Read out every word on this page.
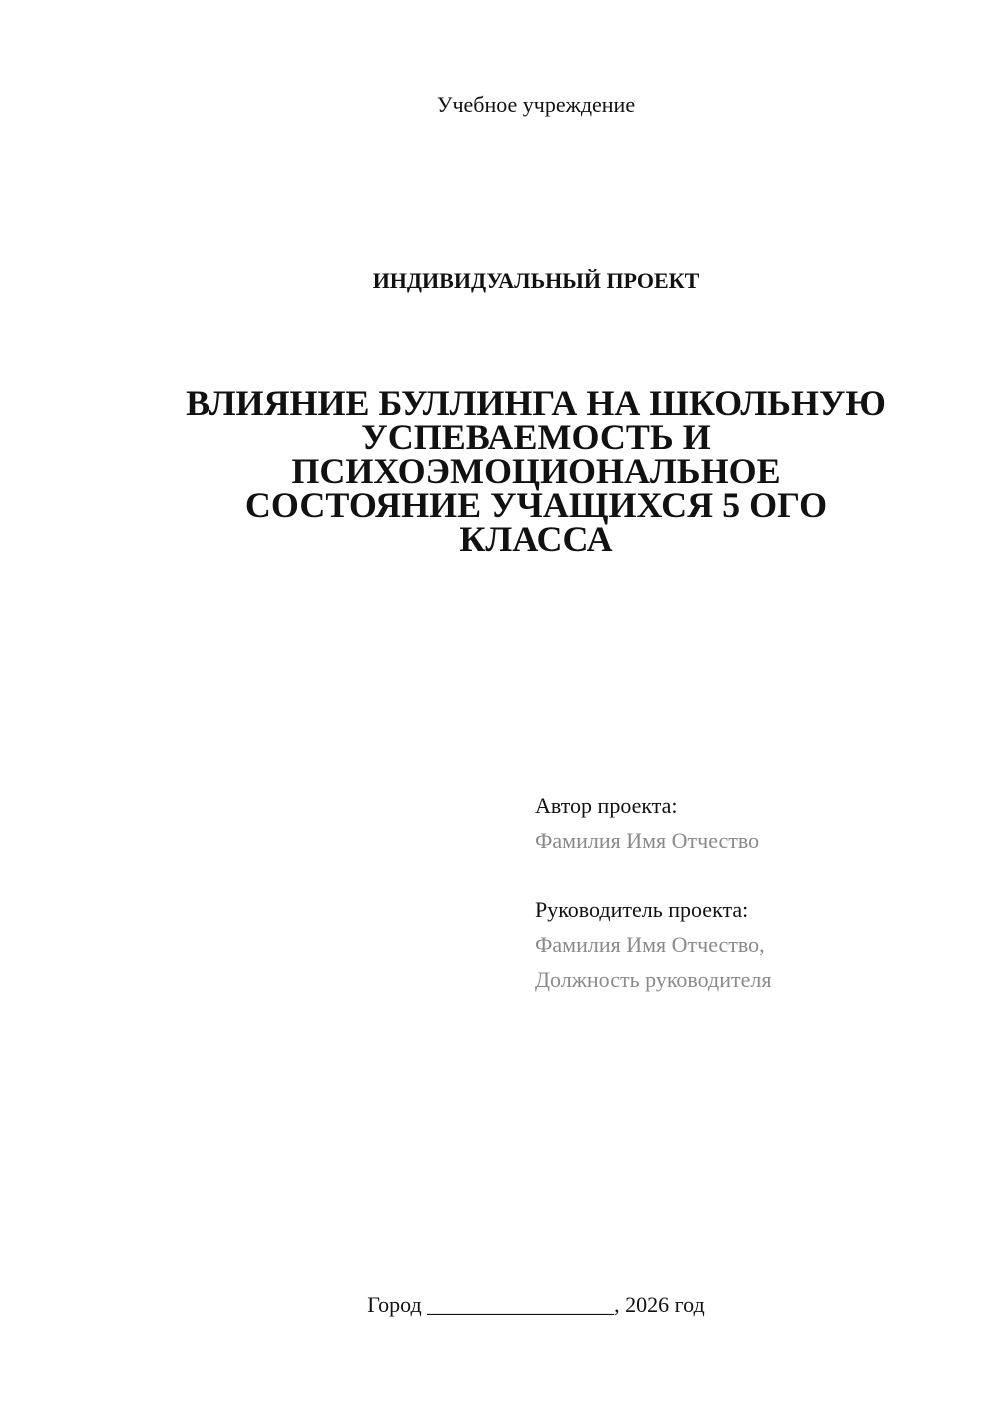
Учебное учреждение
ИНДИВИДУАЛЬНЫЙ ПРОЕКТ
ВЛИЯНИЕ БУЛЛИНГА НА ШКОЛЬНУЮ
УСПЕВАЕМОСТЬ И
ПСИХОЭМОЦИОНАЛЬНОЕ
СОСТОЯНИЕ УЧАЩИХСЯ 5 ОГО
КЛАССА
Автор проекта:
Фамилия Имя Отчество
Руководитель проекта:
Фамилия Имя Отчество,
Должность руководителя
Город _________________, 2026 год
